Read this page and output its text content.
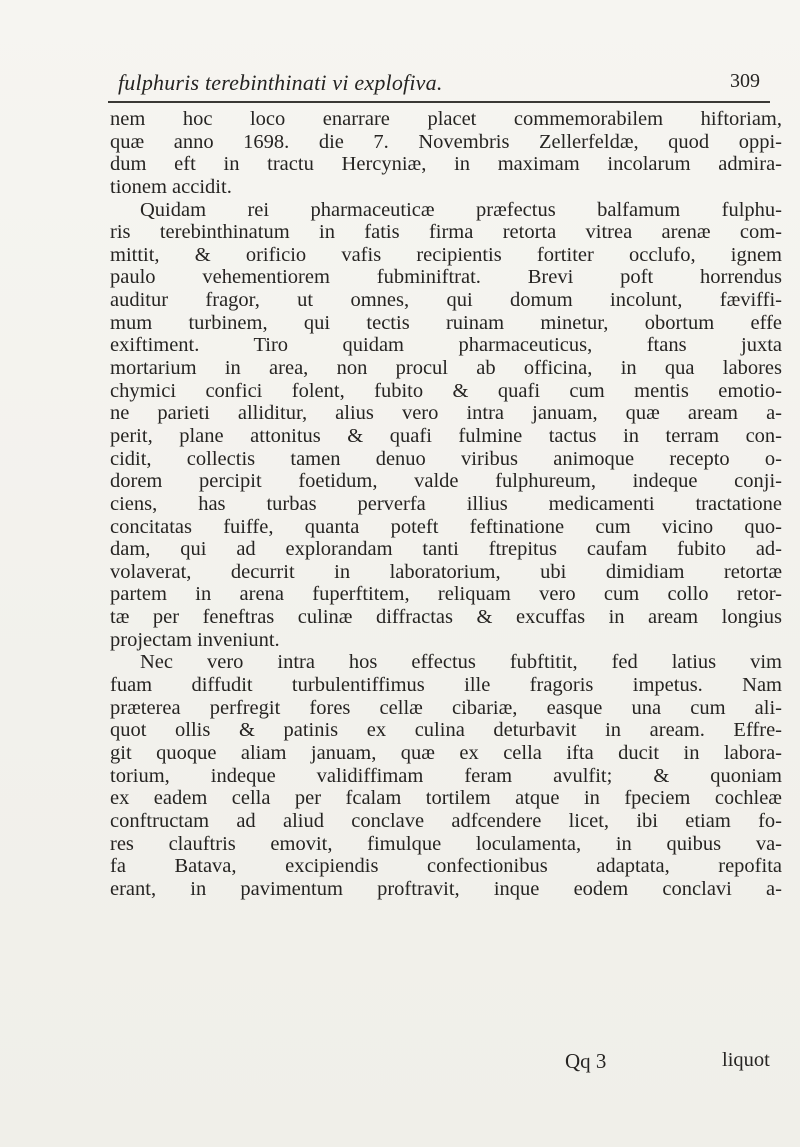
fulphuris terebinthinati vi explofiva.	309
nem hoc loco enarrare placet commemorabilem hiftoriam,
quæ anno 1698. die 7. Novembris Zellerfeldæ, quod oppi-
dum eft in tractu Hercyniæ, in maximam incolarum admira-
tionem accidit.
Quidam rei pharmaceuticæ præfectus balfamum fulphu-
ris terebinthinatum in fatis firma retorta vitrea arenæ com-
mittit, & orificio vafis recipientis fortiter occlufo, ignem
paulo vehementiorem fubminiftrat. Brevi poft horrendus
auditur fragor, ut omnes, qui domum incolunt, fæviffi-
mum turbinem, qui tectis ruinam minetur, obortum effe
exiftiment. Tiro quidam pharmaceuticus, ftans juxta
mortarium in area, non procul ab officina, in qua labores
chymici confici folent, fubito & quafi cum mentis emotio-
ne parieti alliditur, alius vero intra januam, quæ aream a-
perit, plane attonitus & quafi fulmine tactus in terram con-
cidit, collectis tamen denuo viribus animoque recepto o-
dorem percipit foetidum, valde fulphureum, indeque conji-
ciens, has turbas perverfa illius medicamenti tractatione
concitatas fuiffe, quanta poteft feftinatione cum vicino quo-
dam, qui ad explorandam tanti ftrepitus caufam fubito ad-
volaverat, decurrit in laboratorium, ubi dimidiam retortæ
partem in arena fuperftitem, reliquam vero cum collo retor-
tæ per feneftras culinæ diffractas & excuffas in aream longius
projectam inveniunt.
Nec vero intra hos effectus fubftitit, fed latius vim
fuam diffudit turbulentiffimus ille fragoris impetus. Nam
præterea perfregit fores cellæ cibariæ, easque una cum ali-
quot ollis & patinis ex culina deturbavit in aream. Effre-
git quoque aliam januam, quæ ex cella ifta ducit in labora-
torium, indeque validiffimam feram avulfit; & quoniam
ex eadem cella per fcalam tortilem atque in fpeciem cochleæ
conftructam ad aliud conclave adfcendere licet, ibi etiam fo-
res clauftris emovit, fimulque loculamenta, in quibus va-
fa Batava, excipiendis confectionibus adaptata, repofita
erant, in pavimentum proftravit, inque eodem conclavi a-
Qq 3	liquot
